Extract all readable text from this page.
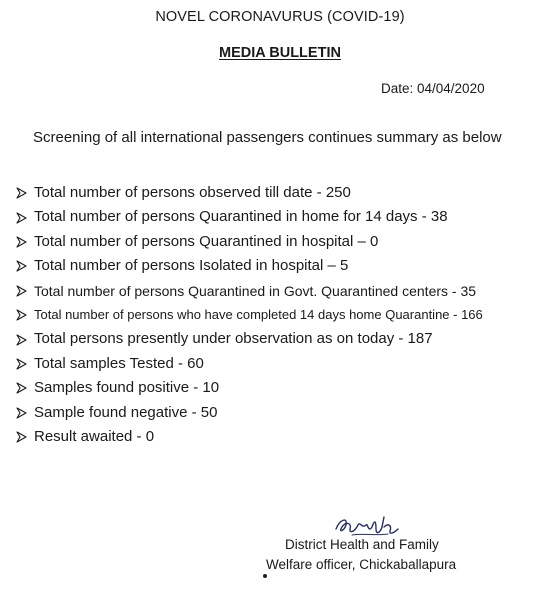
NOVEL CORONAVURUS (COVID-19)
MEDIA BULLETIN
Date: 04/04/2020
Screening of all international passengers continues summary as below
Total number of persons observed till date - 250
Total number of persons Quarantined in home for 14 days - 38
Total number of persons Quarantined in hospital – 0
Total number of persons Isolated in hospital – 5
Total number of persons Quarantined in Govt. Quarantined centers - 35
Total number of persons who have completed 14 days home Quarantine - 166
Total persons presently under observation as on today - 187
Total samples Tested - 60
Samples found positive - 10
Sample found negative - 50
Result awaited - 0
District Health and Family
Welfare officer, Chickaballapura
